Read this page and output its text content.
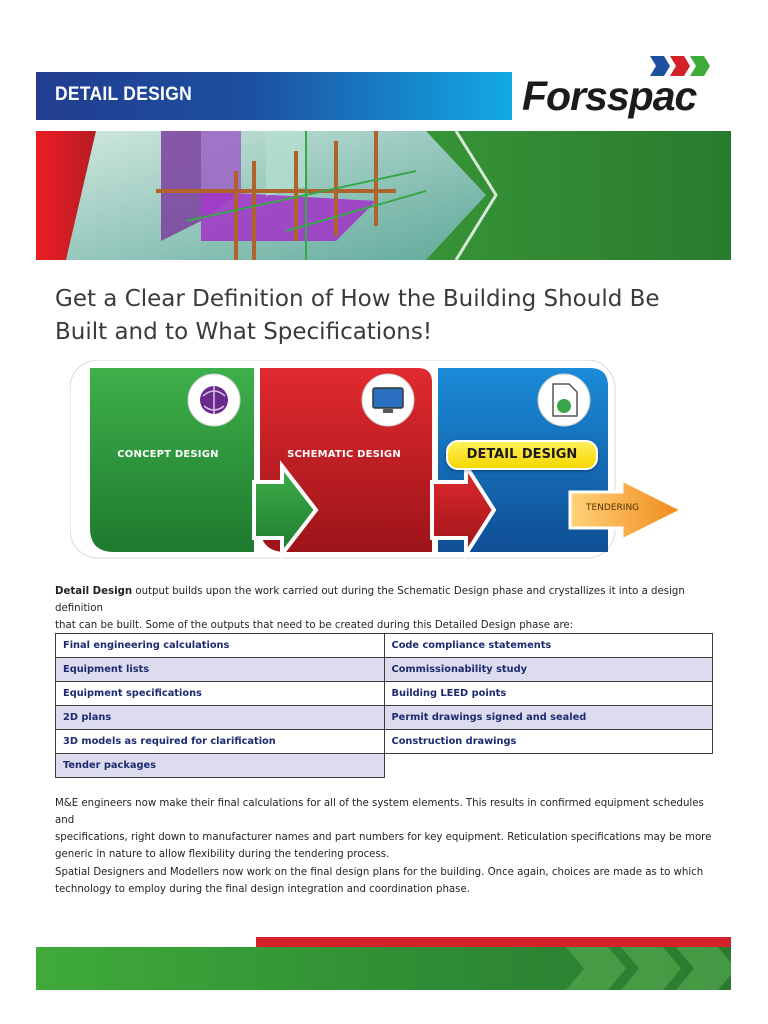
DETAIL DESIGN	Forsspac
Get a Clear Definition of How the Building Should Be
Built and to What Specifications!
CONCEPT DESIGN	SCHEMATIC DESIGN	DETAIL DESIGN
TENDERING

Detail Design output builds upon the work carried out during the Schematic Design phase and crystallizes it into a design definition
that can be built. Some of the outputs that need to be created during this Detailed Design phase are:

Final engineering calculations	Code compliance statements
Equipment lists	Commissionability study
Equipment specifications	Building LEED points
2D plans	Permit drawings signed and sealed
3D models as required for clarification	Construction drawings
Tender packages	

M&E engineers now make their final calculations for all of the system elements. This results in confirmed equipment schedules and
specifications, right down to manufacturer names and part numbers for key equipment. Reticulation specifications may be more
generic in nature to allow flexibility during the tendering process.

Spatial Designers and Modellers now work on the final design plans for the building. Once again, choices are made as to which
technology to employ during the final design integration and coordination phase.
